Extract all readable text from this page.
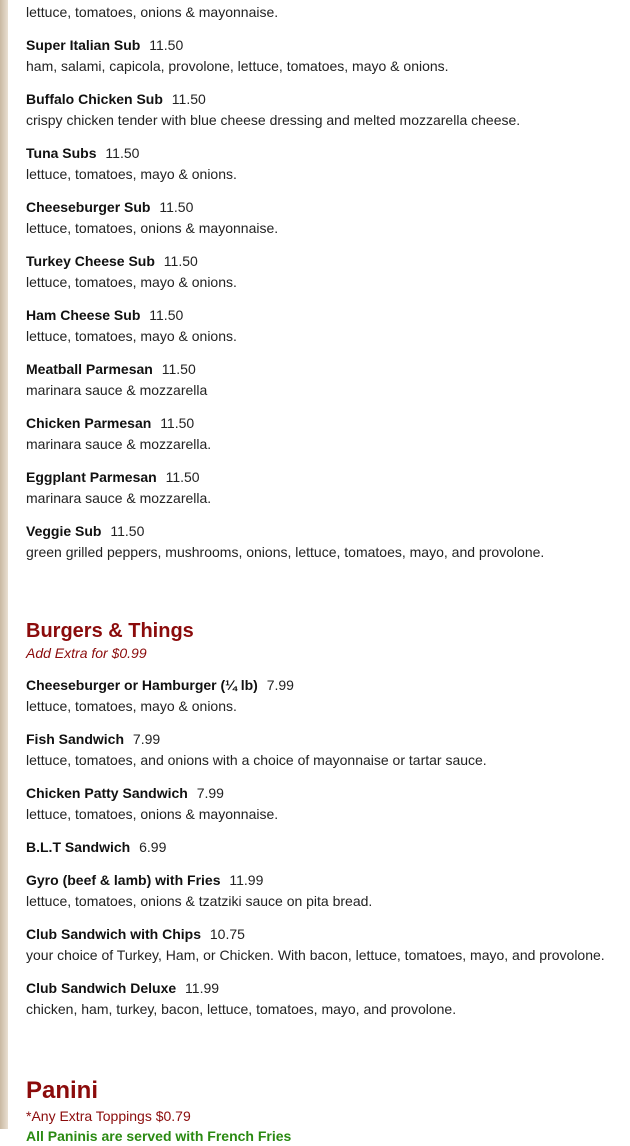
lettuce, tomatoes, onions & mayonnaise.
Super Italian Sub 11.50
ham, salami, capicola, provolone, lettuce, tomatoes, mayo & onions.
Buffalo Chicken Sub 11.50
crispy chicken tender with blue cheese dressing and melted mozzarella cheese.
Tuna Subs 11.50
lettuce, tomatoes, mayo & onions.
Cheeseburger Sub 11.50
lettuce, tomatoes, onions & mayonnaise.
Turkey Cheese Sub 11.50
lettuce, tomatoes, mayo & onions.
Ham Cheese Sub 11.50
lettuce, tomatoes, mayo & onions.
Meatball Parmesan 11.50
marinara sauce & mozzarella
Chicken Parmesan 11.50
marinara sauce & mozzarella.
Eggplant Parmesan 11.50
marinara sauce & mozzarella.
Veggie Sub 11.50
green grilled peppers, mushrooms, onions, lettuce, tomatoes, mayo, and provolone.
Burgers & Things
Add Extra for $0.99
Cheeseburger or Hamburger (¼ lb) 7.99
lettuce, tomatoes, mayo & onions.
Fish Sandwich 7.99
lettuce, tomatoes, and onions with a choice of mayonnaise or tartar sauce.
Chicken Patty Sandwich 7.99
lettuce, tomatoes, onions & mayonnaise.
B.L.T Sandwich 6.99
Gyro (beef & lamb) with Fries 11.99
lettuce, tomatoes, onions & tzatziki sauce on pita bread.
Club Sandwich with Chips 10.75
your choice of Turkey, Ham, or Chicken. With bacon, lettuce, tomatoes, mayo, and provolone.
Club Sandwich Deluxe 11.99
chicken, ham, turkey, bacon, lettuce, tomatoes, mayo, and provolone.
Panini
*Any Extra Toppings $0.79
All Paninis are served with French Fries
